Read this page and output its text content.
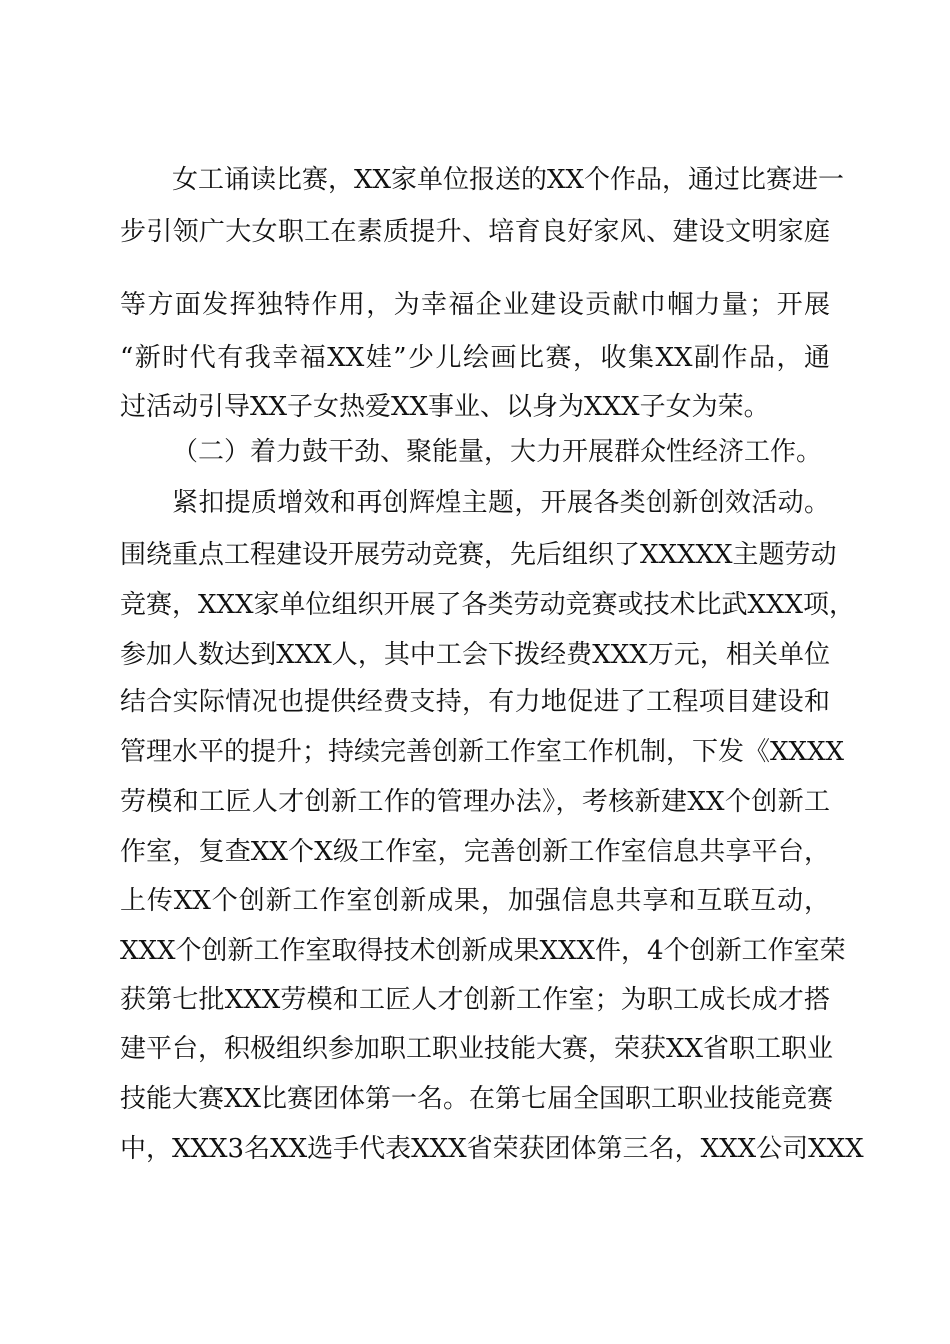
女工诵读比赛，XX家单位报送的XX个作品，通过比赛进一
步引领广大女职工在素质提升、培育良好家风、建设文明家庭
等方面发挥独特作用，为幸福企业建设贡献巾帼力量；开展
“新时代有我幸福XX娃”少儿绘画比赛，收集XX副作品，通
过活动引导XX子女热爱XX事业、以身为XXX子女为荣。
（二）着力鼓干劲、聚能量，大力开展群众性经济工作。
紧扣提质增效和再创辉煌主题，开展各类创新创效活动。
围绕重点工程建设开展劳动竞赛，先后组织了XXXXX主题劳动
竞赛，XXX家单位组织开展了各类劳动竞赛或技术比武XXX项，
参加人数达到XXX人，其中工会下拨经费XXX万元，相关单位
结合实际情况也提供经费支持，有力地促进了工程项目建设和
管理水平的提升；持续完善创新工作室工作机制，下发《XXXX
劳模和工匠人才创新工作的管理办法》，考核新建XX个创新工
作室，复查XX个X级工作室，完善创新工作室信息共享平台，
上传XX个创新工作室创新成果，加强信息共享和互联互动，
XXX个创新工作室取得技术创新成果XXX件，4个创新工作室荣
获第七批XXX劳模和工匠人才创新工作室；为职工成长成才搭
建平台，积极组织参加职工职业技能大赛，荣获XX省职工职业
技能大赛XX比赛团体第一名。在第七届全国职工职业技能竞赛
中，XXX3名XX选手代表XXX省荣获团体第三名，XXX公司XXX
